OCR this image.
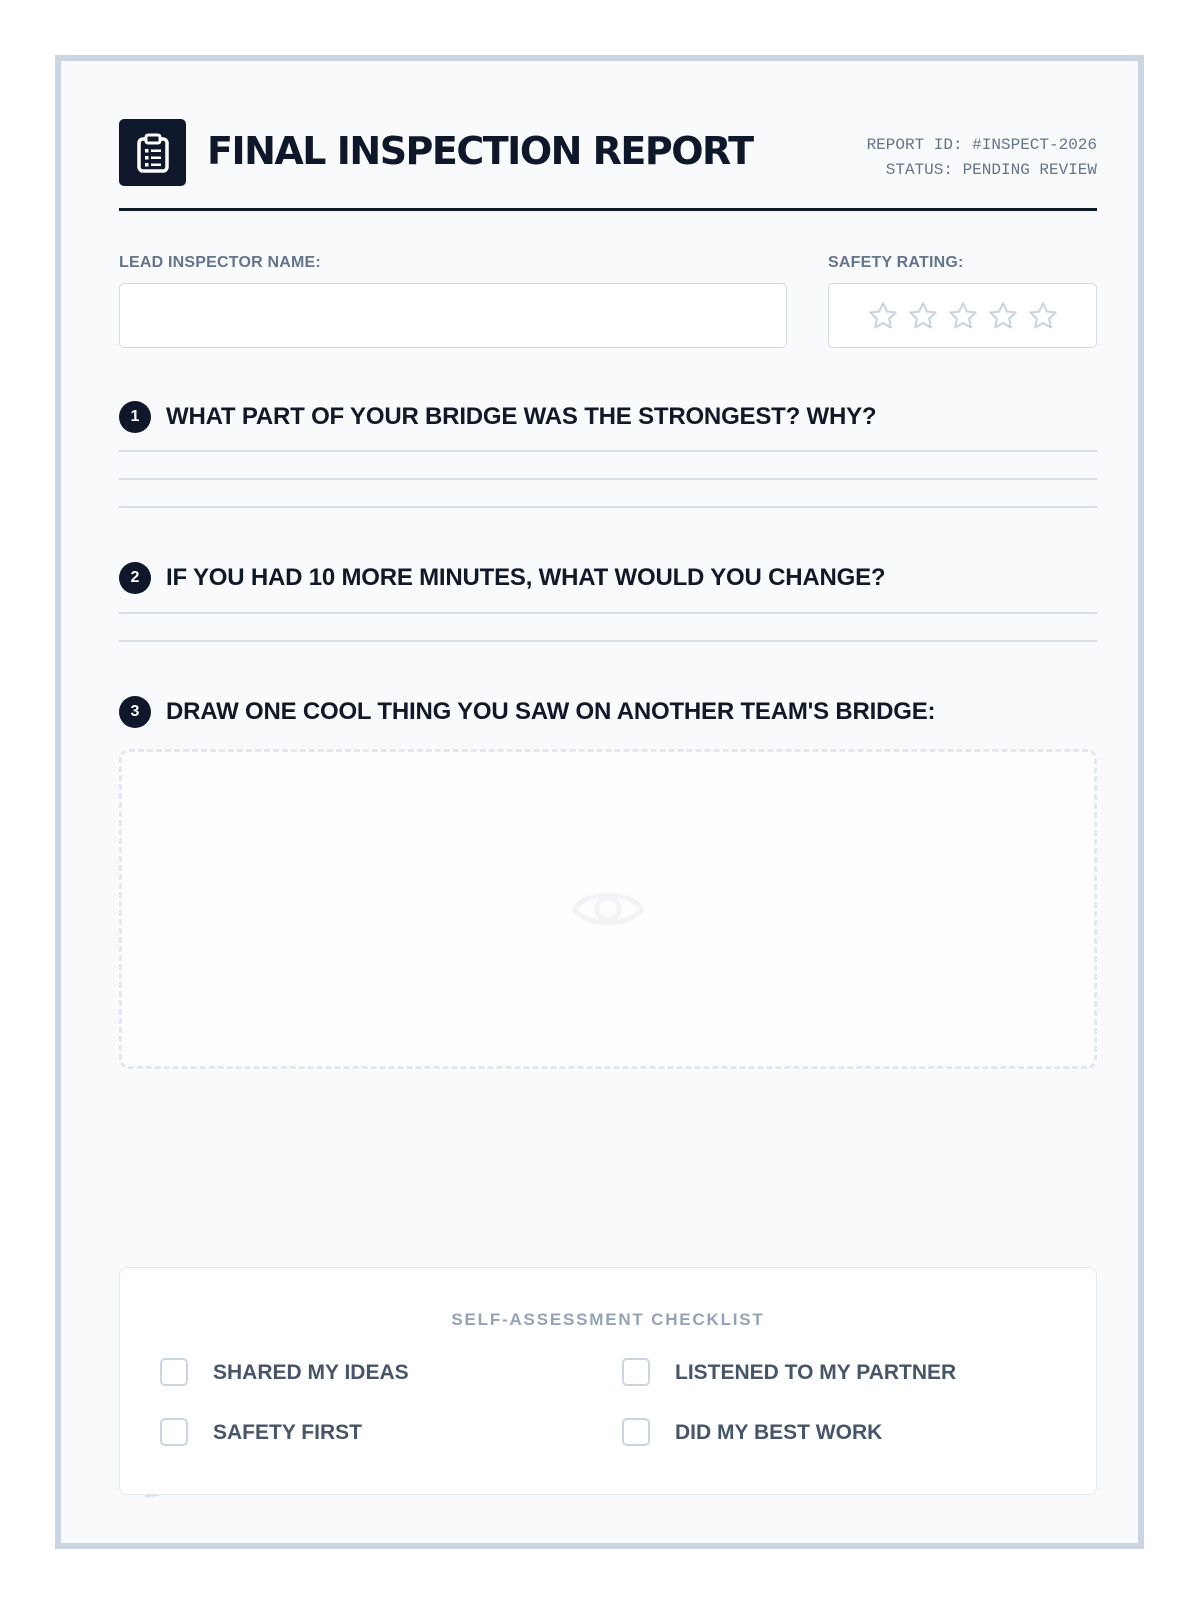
FINAL INSPECTION REPORT	REPORT ID: #INSPECT-2026
STATUS: PENDING REVIEW
LEAD INSPECTOR NAME:	SAFETY RATING:
1	WHAT PART OF YOUR BRIDGE WAS THE STRONGEST? WHY?
2	IF YOU HAD 10 MORE MINUTES, WHAT WOULD YOU CHANGE?
3	DRAW ONE COOL THING YOU SAW ON ANOTHER TEAM'S BRIDGE:
SELF-ASSESSMENT CHECKLIST
SHARED MY IDEAS	LISTENED TO MY PARTNER
SAFETY FIRST	DID MY BEST WORK
